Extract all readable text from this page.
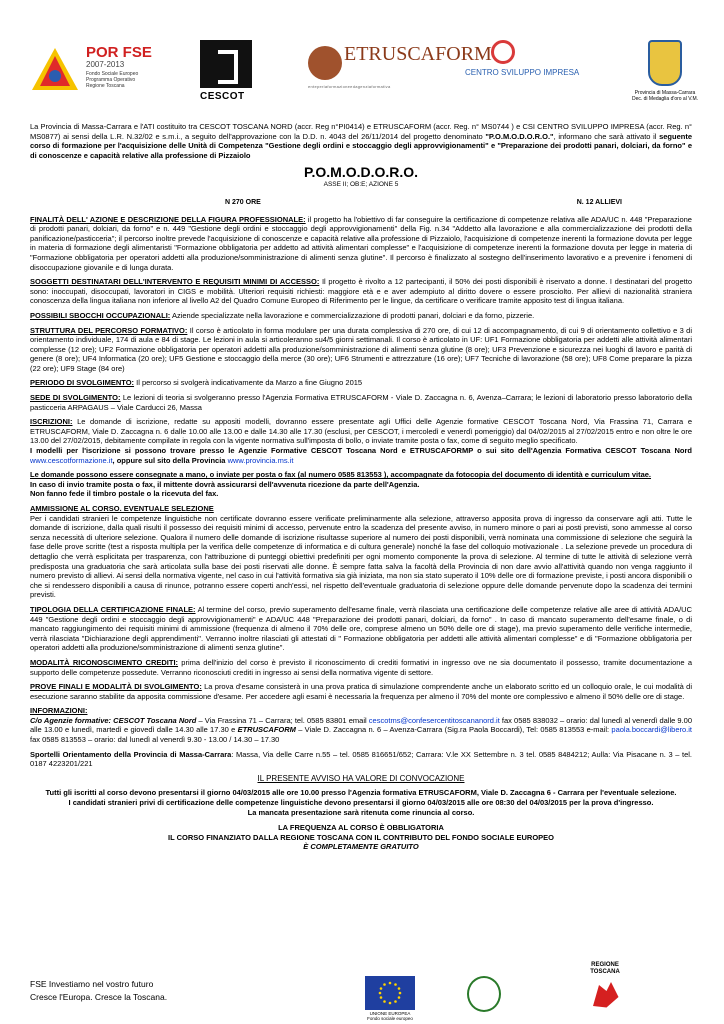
POR FSE
2007-2013
Fondo Sociale Europeo
Programma Operativo
Regione Toscana
CESCOT
ETRUSCAFORM
enteperlaformazioneedagenziaformativa
CENTRO SVILUPPO IMPRESA
Provincia di Massa-Carrara
Dec. di Medaglia d'oro al V.M.

La Provincia di Massa-Carrara e l'ATI costituito tra CESCOT TOSCANA NORD (accr. Reg n°PI0414) e ETRUSCAFORM (accr. Reg. n° MS0744 ) e CSI CENTRO SVILUPPO IMPRESA (accr. Reg. n° MS0877) ai sensi della L.R. N.32/02 e s.m.i., a seguito dell'approvazione con la D.D. n. 4043 del 26/11/2014 del progetto denominato "P.O.M.O.D.O.R.O.", informano che sarà attivato il seguente corso di formazione per l'acquisizione delle Unità di Competenza "Gestione degli ordini e stoccaggio degli approvvigionamenti" e "Preparazione dei prodotti panari, dolciari, da forno" e di conoscenze e capacità relative alla professione di Pizzaiolo

P.O.M.O.D.O.R.O.
ASSE II; OB:E; AZIONE 5
N 270 ORE	N. 12 ALLIEVI

FINALITÀ DELL' AZIONE E DESCRIZIONE DELLA FIGURA PROFESSIONALE: il progetto ha l'obiettivo di far conseguire la certificazione di competenze relativa alle ADA/UC n. 448 "Preparazione di prodotti panari, dolciari, da forno" e n. 449 "Gestione degli ordini e stoccaggio degli approvvigionamenti" della Fig. n.34 "Addetto alla lavorazione e alla commercializzazione dei prodotti della panificazione/pasticceria"; il percorso inoltre prevede l'acquisizione di conoscenze e capacità relative alla professione di Pizzaiolo, l'acquisizione di competenze inerenti la formazione dovuta per legge in materia di formazione degli alimentaristi "Formazione obbligatoria per addetto ad attività alimentari complesse" e l'acquisizione di competenze inerenti la formazione dovuta per legge in materia di "Formazione obbligatoria per operatori addetti alla produzione/somministrazione di alimenti senza glutine". Il percorso è finalizzato al sostegno dell'inserimento lavorativo e a prevenire i fenomeni di disoccupazione giovanile e di lunga durata.

SOGGETTI DESTINATARI DELL'INTERVENTO E REQUISITI MINIMI DI ACCESSO: Il progetto è rivolto a 12 partecipanti, il 50% dei posti disponibili è riservato a donne. I destinatari del progetto sono: inoccupati, disoccupati, lavoratori in CIGS e mobilità. Ulteriori requisiti richiesti: maggiore età e e aver adempiuto al diritto dovere o essere prosciolto. Per allievi di nazionalità straniera conoscenza della lingua italiana non inferiore al livello A2 del Quadro Comune Europeo di Riferimento per le lingue, da certificare o verificare tramite apposito test di lingua italiana.

POSSIBILI SBOCCHI OCCUPAZIONALI: Aziende specializzate nella lavorazione e commercializzazione di prodotti panari, dolciari e da forno, pizzerie.

STRUTTURA DEL PERCORSO FORMATIVO: Il corso è articolato in forma modulare per una durata complessiva di 270 ore, di cui 12 di accompagnamento, di cui 9 di orientamento collettivo e 3 di orientamento individuale, 174 di aula e 84 di stage. Le lezioni in aula si articoleranno su4/5 giorni settimanali. Il corso è articolato in UF: UF1 Formazione obbligatoria per addetti alle attività alimentari complesse (12 ore); UF2 Formazione obbligatoria per operatori addetti alla produzione/somministrazione di alimenti senza glutine (8 ore); UF3 Prevenzione e sicurezza nei luoghi di lavoro e parità di genere (8 ore); UF4 Informatica (20 ore); UF5 Gestione e stoccaggio della merce (30 ore); UF6 Strumenti e attrezzature (16 ore); UF7 Tecniche di lavorazione (58 ore); UF8 Come preparare la pizza (22 ore); UF9 Stage (84 ore)

PERIODO DI SVOLGIMENTO: Il percorso si svolgerà indicativamente da Marzo a fine Giugno 2015

SEDE DI SVOLGIMENTO: Le lezioni di teoria si svolgeranno presso l'Agenzia Formativa ETRUSCAFORM - Viale D. Zaccagna n. 6, Avenza–Carrara; le lezioni di laboratorio presso laboratorio della pasticceria ARPAGAUS – Viale Carducci 26, Massa

ISCRIZIONI: Le domande di iscrizione, redatte su appositi modelli, dovranno essere presentate agli Uffici delle Agenzie formative CESCOT Toscana Nord, Via Frassina 71, Carrara e ETRUSCAFORM, Viale D. Zaccagna n. 6 dalle 10.00 alle 13.00 e dalle 14.30 alle 17.30 (esclusi, per CESCOT, i mercoledì e venerdì pomeriggio) dal 04/02/2015 al 27/02/2015 entro e non oltre le ore 13.00 del 27/02/2015, debitamente compilate in regola con la vigente normativa sull'imposta di bollo, o inviate tramite posta o fax, come di seguito meglio specificato.
I modelli per l'iscrizione si possono trovare presso le Agenzie Formative CESCOT Toscana Nord e ETRUSCAFORMP o sui sito dell'Agenzia Formativa CESCOT Toscana Nord www.cescotformazione.it, oppure sul sito della Provincia www.provincia.ms.it

Le domande possono essere consegnate a mano, o inviate per posta o fax (al numero 0585 813553 ), accompagnate da fotocopia del documento di identità e curriculum vitae.
In caso di invio tramite posta o fax, il mittente dovrà assicurarsi dell'avvenuta ricezione da parte dell'Agenzia.
Non fanno fede il timbro postale o la ricevuta del fax.

AMMISSIONE AL CORSO. EVENTUALE SELEZIONE
Per i candidati stranieri le competenze linguistiche non certificate dovranno essere verificate preliminarmente alla selezione, attraverso apposita prova di ingresso da conservare agli atti. Tutte le domande di iscrizione, dalla quali risulti il possesso dei requisiti minimi di accesso, pervenute entro la scadenza del presente avviso, in numero minore o pari ai posti previsti, sono ammesse al corso senza necessità di ulteriore selezione. Qualora il numero delle domande di iscrizione risultasse superiore al numero dei posti disponibili, verrà nominata una commissione di selezione che seguirà la fase delle prove scritte (test a risposta multipla per la verifica delle competenze di informatica e di cultura generale) nonché la fase del colloquio motivazionale . La selezione prevede un procedura di dettaglio che verrà esplicitata per trasparenza, con l'attribuzione di punteggi obiettivi predefiniti per ogni momento componente la prova di selezione. Al termine di tutte le attività di selezione verrà predisposta una graduatoria che sarà articolata sulla base dei posti riservati alle donne. È sempre fatta salva la facoltà della Provincia di non dare avvio all'attività quando non venga raggiunto il numero previsto di allievi. Ai sensi della normativa vigente, nel caso in cui l'attività formativa sia già iniziata, ma non sia stato superato il 10% delle ore di formazione previste, i posti ancora disponibili o che si rendessero disponibili a causa di rinunce, potranno essere coperti anch'essi, nel rispetto dell'eventuale graduatoria di selezione oppure delle domande pervenute dopo la scadenza dei termini previsti.

TIPOLOGIA DELLA CERTIFICAZIONE FINALE: Al termine del corso, previo superamento dell'esame finale, verrà rilasciata una certificazione delle competenze relative alle aree di attività ADA/UC 449 "Gestione degli ordini e stoccaggio degli approvvigionamenti" e ADA/UC 448 "Preparazione dei prodotti panari, dolciari, da forno" . In caso di mancato superamento dell'esame finale, o di mancato raggiungimento dei requisiti minimi di ammissione (frequenza di almeno il 70% delle ore, comprese almeno un 50% delle ore di stage), ma previo superamento delle verifiche intermedie, verrà rilasciata "Dichiarazione degli apprendimenti". Verranno inoltre rilasciati gli attestati di " Formazione obbligatoria per addetti alle attività alimentari complesse" e di "Formazione obbligatoria per operatori addetti alla produzione/somministrazione di alimenti senza glutine".

MODALITÀ RICONOSCIMENTO CREDITI: prima dell'inizio del corso è previsto il riconoscimento di crediti formativi in ingresso ove ne sia documentato il possesso, tramite documentazione a supporto delle competenze possedute. Verranno riconosciuti crediti in ingresso ai sensi della normativa vigente di settore.

PROVE FINALI E MODALITÀ DI SVOLGIMENTO: La prova d'esame consisterà in una prova pratica di simulazione comprendente anche un elaborato scritto ed un colloquio orale, le cui modalità di esecuzione saranno stabilite da apposita commissione d'esame. Per accedere agli esami è necessaria la frequenza per almeno il 70% del monte ore complessivo e almeno il 50% delle ore di stage.

INFORMAZIONI:
C/o Agenzie formative: CESCOT Toscana Nord – Via Frassina 71 – Carrara; tel. 0585 83801 email cescotms@confesercentitoscananord.it fax 0585 838032 – orario: dal lunedì al venerdì dalle 9.00 alle 13.00 e lunedì, martedì e giovedì dalle 14.30 alle 17.30 e ETRUSCAFORM – Viale D. Zaccagna n. 6 – Avenza-Carrara (Sig.ra Paola Boccardi), Tel: 0585 813553 e-mail: paola.boccardi@libero.it fax 0585 813553 – orario: dal lunedì al venerdì 9.30 - 13.00 / 14.30 – 17.30

Sportelli Orientamento della Provincia di Massa-Carrara: Massa, Via delle Carre n.55 – tel. 0585 816651/652; Carrara: V.le XX Settembre n. 3 tel. 0585 8484212; Aulla: Via Pisacane n. 3 – tel. 0187 4223201/221

IL PRESENTE AVVISO HA VALORE DI CONVOCAZIONE

Tutti gli iscritti al corso devono presentarsi il giorno 04/03/2015 alle ore 10.00 presso l'Agenzia formativa ETRUSCAFORM, Viale D. Zaccagna 6 - Carrara per l'eventuale selezione.
I candidati stranieri privi di certificazione delle competenze linguistiche devono presentarsi il giorno 04/03/2015 alle ore 08:30 del 04/03/2015 per la prova d'ingresso.
La mancata presentazione sarà ritenuta come rinuncia al corso.

LA FREQUENZA AL CORSO È OBBLIGATORIA
IL CORSO FINANZIATO DALLA REGIONE TOSCANA CON IL CONTRIBUTO DEL FONDO SOCIALE EUROPEO
È COMPLETAMENTE GRATUITO

FSE Investiamo nel vostro futuro
Cresce l'Europa. Cresce la Toscana.
UNIONE EUROPEA
Fondo sociale europeo
REGIONE
TOSCANA
